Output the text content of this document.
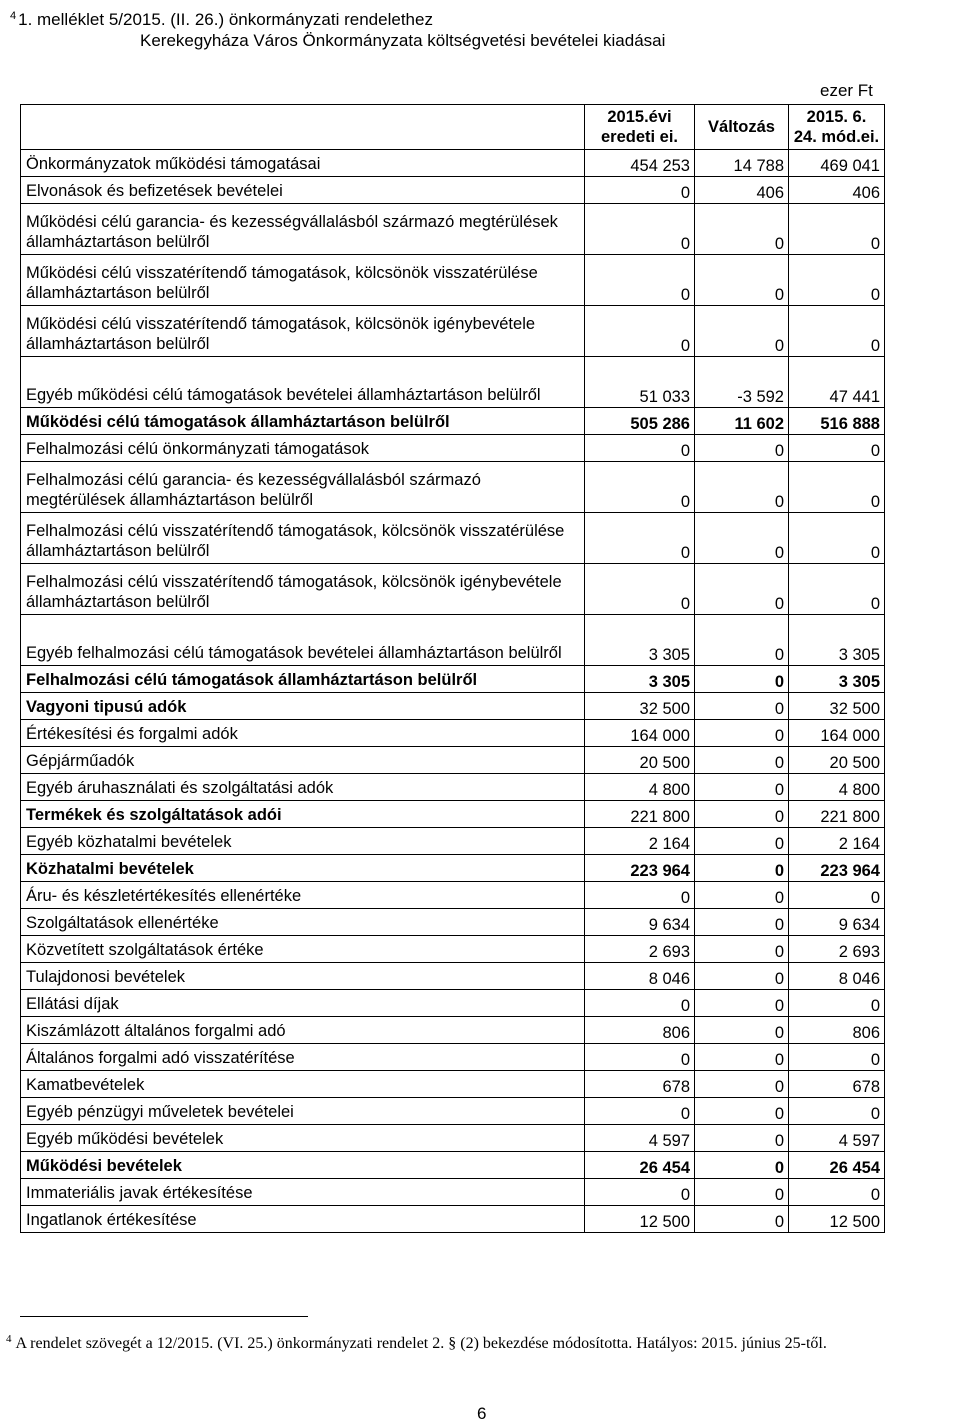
$^4$ 1. melléklet 5/2015. (II. 26.) önkormányzati rendelethez
Kerekegyháza Város Önkormányzata költségvetési bevételei kiadásai
ezer Ft
	2015.évi eredeti ei.	Változás	2015. 6. 24. mód.ei.

Önkormányzatok működési támogatásai	454 253	14 788	469 041

Elvonások és befizetések bevételei	0	406	406

Működési célú garancia- és kezességvállalásból származó megtérülések államháztartáson belülről	0	0	0

Működési célú visszatérítendő támogatások, kölcsönök visszatérülése államháztartáson belülről	0	0	0

Működési célú visszatérítendő támogatások, kölcsönök igénybevétele államháztartáson belülről	0	0	0

Egyéb működési célú támogatások bevételei államháztartáson belülről	51 033	-3 592	47 441

Működési célú támogatások államháztartáson belülről	505 286	11 602	516 888

Felhalmozási célú önkormányzati támogatások	0	0	0

Felhalmozási célú garancia- és kezességvállalásból származó megtérülések államháztartáson belülről	0	0	0

Felhalmozási célú visszatérítendő támogatások, kölcsönök visszatérülése államháztartáson belülről	0	0	0

Felhalmozási célú visszatérítendő támogatások, kölcsönök igénybevétele államháztartáson belülről	0	0	0

Egyéb felhalmozási célú támogatások bevételei államháztartáson belülről	3 305	0	3 305

Felhalmozási célú támogatások államháztartáson belülről	3 305	0	3 305

Vagyoni tipusú adók	32 500	0	32 500

Értékesítési és forgalmi adók	164 000	0	164 000

Gépjárműadók	20 500	0	20 500

Egyéb áruhasználati és szolgáltatási adók	4 800	0	4 800

Termékek és szolgáltatások adói	221 800	0	221 800

Egyéb közhatalmi bevételek	2 164	0	2 164

Közhatalmi bevételek	223 964	0	223 964

Áru- és készletértékesítés ellenértéke	0	0	0

Szolgáltatások ellenértéke	9 634	0	9 634

Közvetített szolgáltatások értéke	2 693	0	2 693

Tulajdonosi bevételek	8 046	0	8 046

Ellátási díjak	0	0	0

Kiszámlázott általános forgalmi adó	806	0	806

Általános forgalmi adó visszatérítése	0	0	0

Kamatbevételek	678	0	678

Egyéb pénzügyi műveletek bevételei	0	0	0

Egyéb működési bevételek	4 597	0	4 597

Működési bevételek	26 454	0	26 454

Immateriális javak értékesítése	0	0	0

Ingatlanok értékesítése	12 500	0	12 500
$^4$ A rendelet szövegét a 12/2015. (VI. 25.) önkormányzati rendelet 2. § (2) bekezdése módosította. Hatályos: 2015. június 25-től.
6
